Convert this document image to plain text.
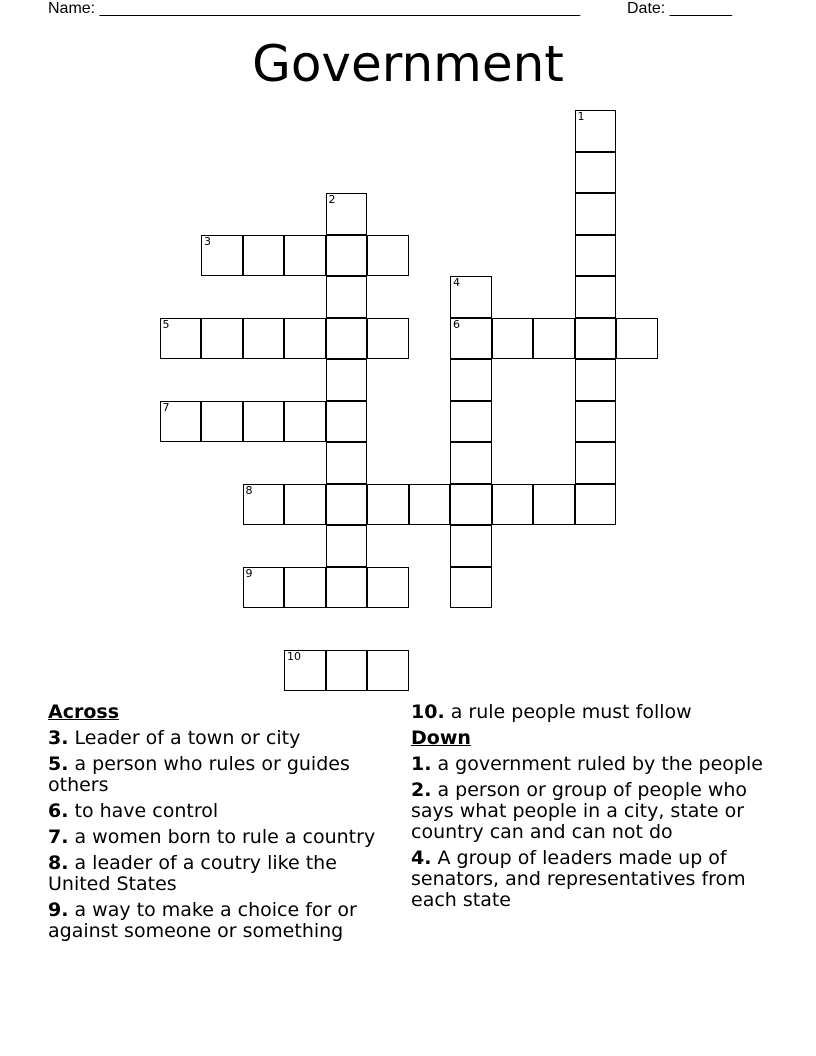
Name: ______________________________________________________	Date: _______
Government
1
2
3
4
6
5
7
8
9
10
Across
3. Leader of a town or city
5. a person who rules or guides others
6. to have control
7. a women born to rule a country
8. a leader of a coutry like the United States
9. a way to make a choice for or against someone or something
10. a rule people must follow
Down
1. a government ruled by the people
2. a person or group of people who says what people in a city, state or country can and can not do
4. A group of leaders made up of senators, and representatives from each state
